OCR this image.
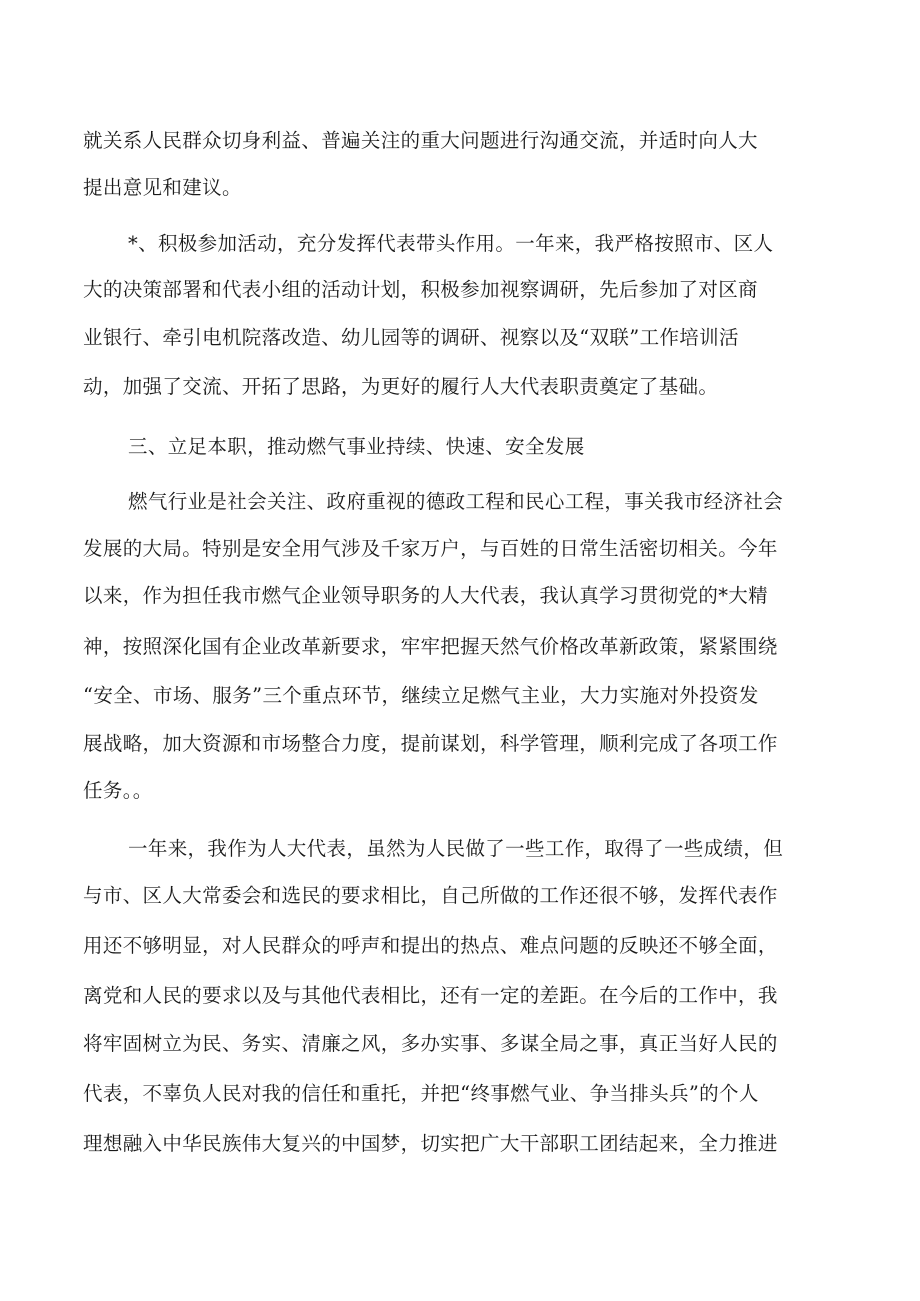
就关系人民群众切身利益、普遍关注的重大问题进行沟通交流，并适时向人大

提出意见和建议。

*、积极参加活动，充分发挥代表带头作用。一年来，我严格按照市、区人

大的决策部署和代表小组的活动计划，积极参加视察调研，先后参加了对区商

业银行、牵引电机院落改造、幼儿园等的调研、视察以及“双联”工作培训活

动，加强了交流、开拓了思路，为更好的履行人大代表职责奠定了基础。

三、立足本职，推动燃气事业持续、快速、安全发展

燃气行业是社会关注、政府重视的德政工程和民心工程，事关我市经济社会

发展的大局。特别是安全用气涉及千家万户，与百姓的日常生活密切相关。今年

以来，作为担任我市燃气企业领导职务的人大代表，我认真学习贯彻党的*大精

神，按照深化国有企业改革新要求，牢牢把握天然气价格改革新政策，紧紧围绕

“安全、市场、服务”三个重点环节，继续立足燃气主业，大力实施对外投资发

展战略，加大资源和市场整合力度，提前谋划，科学管理，顺利完成了各项工作

任务。。

一年来，我作为人大代表，虽然为人民做了一些工作，取得了一些成绩，但

与市、区人大常委会和选民的要求相比，自己所做的工作还很不够，发挥代表作

用还不够明显，对人民群众的呼声和提出的热点、难点问题的反映还不够全面，

离党和人民的要求以及与其他代表相比，还有一定的差距。在今后的工作中，我

将牢固树立为民、务实、清廉之风，多办实事、多谋全局之事，真正当好人民的

代表，不辜负人民对我的信任和重托，并把“终事燃气业、争当排头兵”的个人

理想融入中华民族伟大复兴的中国梦，切实把广大干部职工团结起来，全力推进
